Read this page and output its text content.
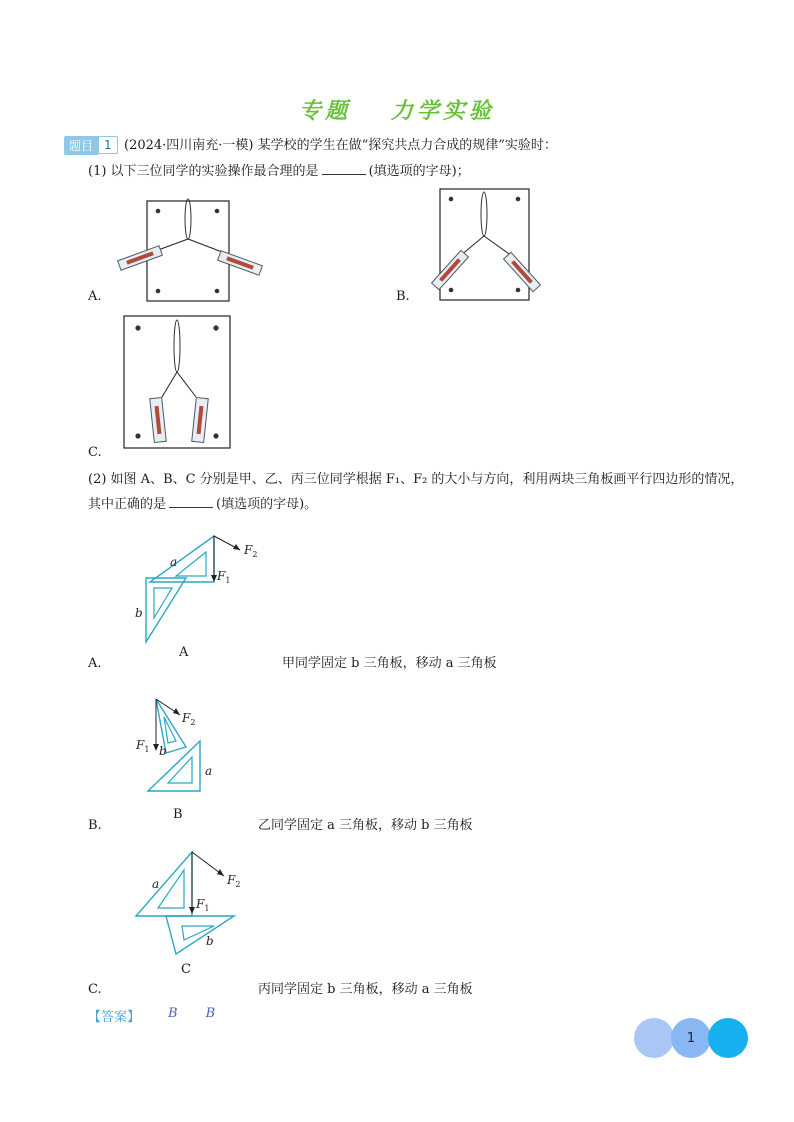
专题 力学实验
题目 1 (2024·四川南充·一模) 某学校的学生在做“探究共点力合成的规律”实验时：
(1) 以下三位同学的实验操作最合理的是	(填选项的字母)；
A.	B.
C.
(2) 如图 A、B、C 分别是甲、乙、丙三位同学根据 F₁、F₂ 的大小与方向，利用两块三角板画平行四边形的情况，
其中正确的是	(填选项的字母)。
$F_2$
$F_1$
a
b
A
A.	甲同学固定 b 三角板，移动 a 三角板
$F_2$
$F_1$ b
a
B
B.	乙同学固定 a 三角板，移动 b 三角板
$F_2$
$F_1$
a
b
C
C.	丙同学固定 b 三角板，移动 a 三角板
【答案】 B B
1
